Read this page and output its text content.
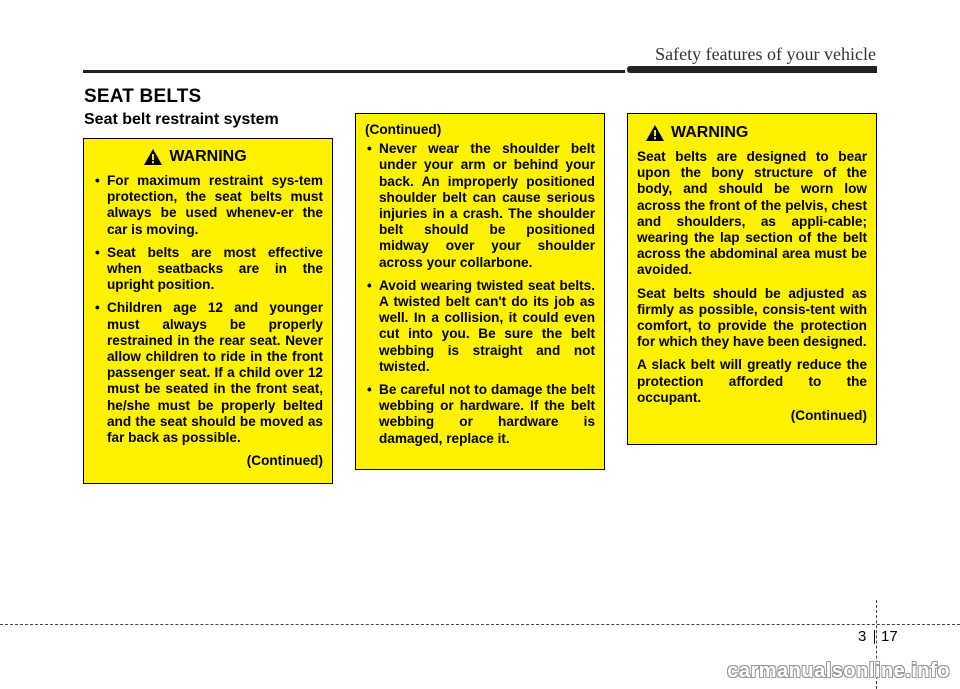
Safety features of your vehicle
SEAT BELTS
Seat belt restraint system
WARNING
• For maximum restraint sys-tem protection, the seat belts must always be used whenev-er the car is moving.
• Seat belts are most effective when seatbacks are in the upright position.
• Children age 12 and younger must always be properly restrained in the rear seat. Never allow children to ride in the front passenger seat. If a child over 12 must be seated in the front seat, he/she must be properly belted and the seat should be moved as far back as possible.
(Continued)
(Continued)
• Never wear the shoulder belt under your arm or behind your back. An improperly positioned shoulder belt can cause serious injuries in a crash. The shoulder belt should be positioned midway over your shoulder across your collarbone.
• Avoid wearing twisted seat belts. A twisted belt can't do its job as well. In a collision, it could even cut into you. Be sure the belt webbing is straight and not twisted.
• Be careful not to damage the belt webbing or hardware. If the belt webbing or hardware is damaged, replace it.
WARNING
Seat belts are designed to bear upon the bony structure of the body, and should be worn low across the front of the pelvis, chest and shoulders, as appli-cable; wearing the lap section of the belt across the abdominal area must be avoided.
Seat belts should be adjusted as firmly as possible, consis-tent with comfort, to provide the protection for which they have been designed.
A slack belt will greatly reduce the protection afforded to the occupant.
(Continued)
3 17
carmanualsonline.info
